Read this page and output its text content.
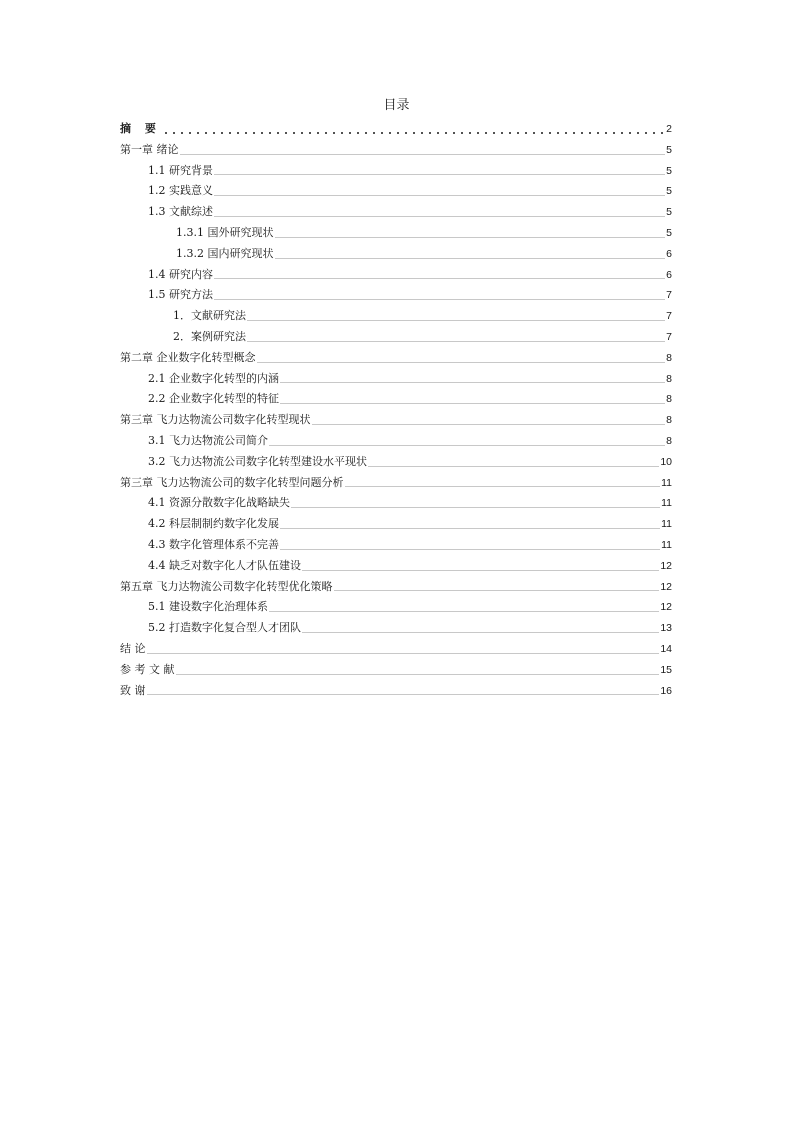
目录
摘 要	2
第一章 绪论	5
1.1 研究背景	5
1.2 实践意义	5
1.3 文献综述	5
1.3.1 国外研究现状	5
1.3.2 国内研究现状	6
1.4 研究内容	6
1.5 研究方法	7
1．文献研究法	7
2．案例研究法	7
第二章 企业数字化转型概念	8
2.1 企业数字化转型的内涵	8
2.2 企业数字化转型的特征	8
第三章 飞力达物流公司数字化转型现状	8
3.1 飞力达物流公司简介	8
3.2 飞力达物流公司数字化转型建设水平现状	10
第三章 飞力达物流公司的数字化转型问题分析	11
4.1 资源分散数字化战略缺失	11
4.2 科层制制约数字化发展	11
4.3 数字化管理体系不完善	11
4.4 缺乏对数字化人才队伍建设	12
第五章 飞力达物流公司数字化转型优化策略	12
5.1 建设数字化治理体系	12
5.2 打造数字化复合型人才团队	13
结 论	14
参 考 文 献	15
致 谢	16
